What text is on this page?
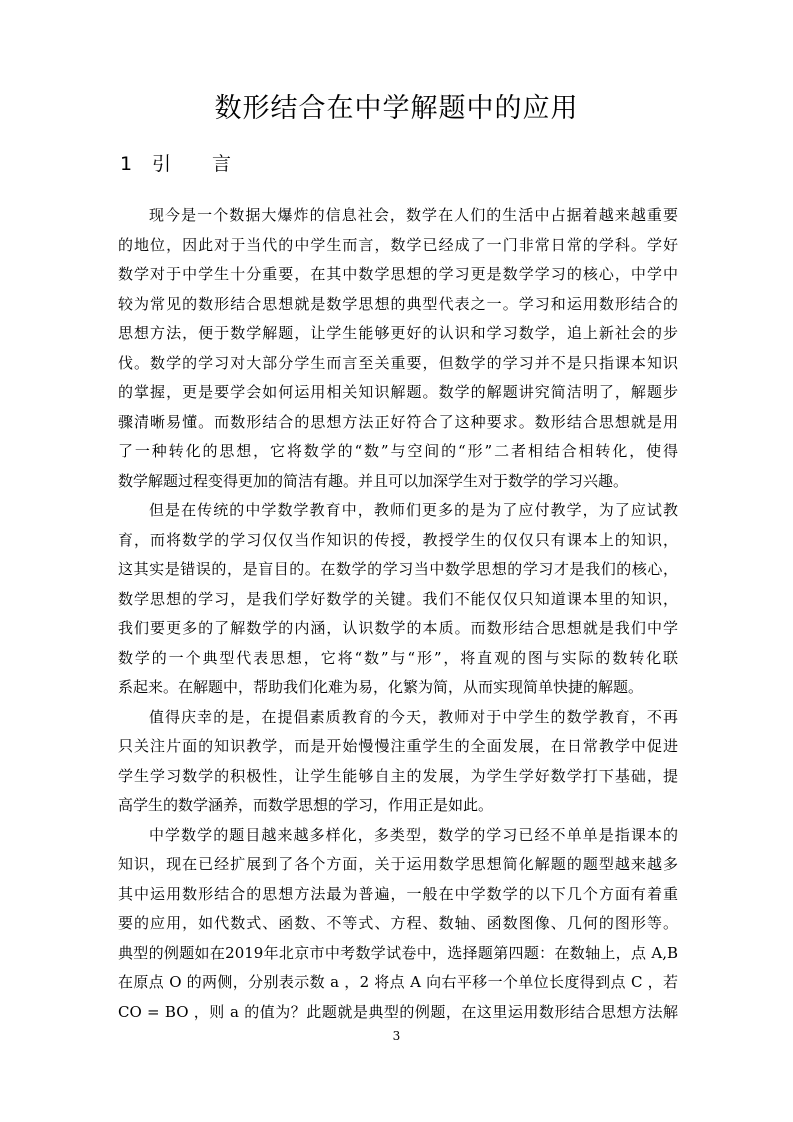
数形结合在中学解题中的应用
1 引 言
现今是一个数据大爆炸的信息社会，数学在人们的生活中占据着越来越重要
的地位，因此对于当代的中学生而言，数学已经成了一门非常日常的学科。学好
数学对于中学生十分重要，在其中数学思想的学习更是数学学习的核心，中学中
较为常见的数形结合思想就是数学思想的典型代表之一。学习和运用数形结合的
思想方法，便于数学解题，让学生能够更好的认识和学习数学，追上新社会的步
伐。数学的学习对大部分学生而言至关重要，但数学的学习并不是只指课本知识
的掌握，更是要学会如何运用相关知识解题。数学的解题讲究简洁明了，解题步
骤清晰易懂。而数形结合的思想方法正好符合了这种要求。数形结合思想就是用
了一种转化的思想，它将数学的“数”与空间的“形”二者相结合相转化，使得
数学解题过程变得更加的简洁有趣。并且可以加深学生对于数学的学习兴趣。
但是在传统的中学数学教育中，教师们更多的是为了应付教学，为了应试教
育，而将数学的学习仅仅当作知识的传授，教授学生的仅仅只有课本上的知识，
这其实是错误的，是盲目的。在数学的学习当中数学思想的学习才是我们的核心，
数学思想的学习，是我们学好数学的关键。我们不能仅仅只知道课本里的知识，
我们要更多的了解数学的内涵，认识数学的本质。而数形结合思想就是我们中学
数学的一个典型代表思想，它将“数”与“形”，将直观的图与实际的数转化联
系起来。在解题中，帮助我们化难为易，化繁为简，从而实现简单快捷的解题。
值得庆幸的是，在提倡素质教育的今天，教师对于中学生的数学教育，不再
只关注片面的知识教学，而是开始慢慢注重学生的全面发展，在日常教学中促进
学生学习数学的积极性，让学生能够自主的发展，为学生学好数学打下基础，提
高学生的数学涵养，而数学思想的学习，作用正是如此。
中学数学的题目越来越多样化，多类型，数学的学习已经不单单是指课本的
知识，现在已经扩展到了各个方面，关于运用数学思想简化解题的题型越来越多
其中运用数形结合的思想方法最为普遍，一般在中学数学的以下几个方面有着重
要的应用，如代数式、函数、不等式、方程、数轴、函数图像、几何的图形等。
典型的例题如在2019年北京市中考数学试卷中，选择题第四题：在数轴上，点 A,B
在原点 O 的两侧，分别表示数 a ，2 将点 A 向右平移一个单位长度得到点 C ，若
CO = BO ，则 a 的值为？此题就是典型的例题，在这里运用数形结合思想方法解
3
